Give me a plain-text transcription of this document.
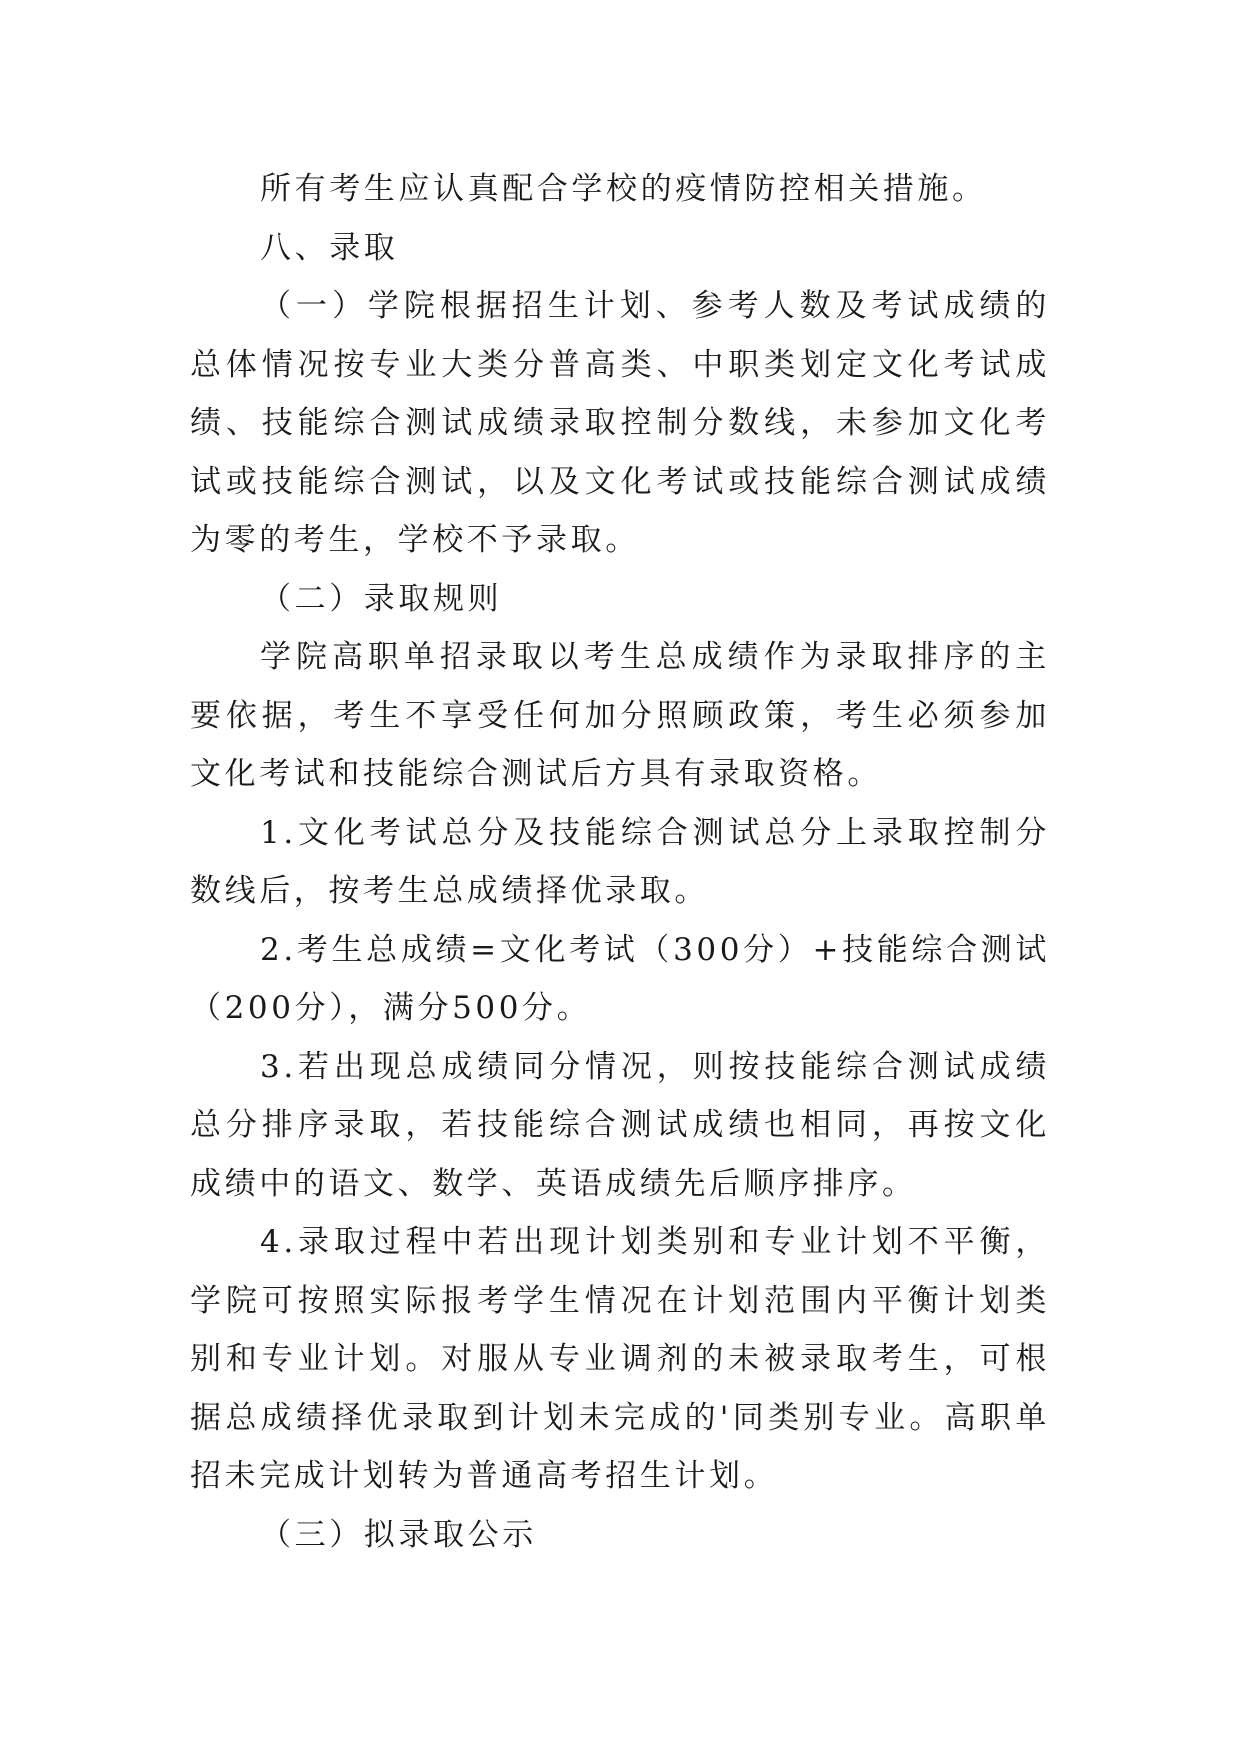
所有考生应认真配合学校的疫情防控相关措施。

八、录取

（一）学院根据招生计划、参考人数及考试成绩的总体情况按专业大类分普高类、中职类划定文化考试成绩、技能综合测试成绩录取控制分数线，未参加文化考试或技能综合测试，以及文化考试或技能综合测试成绩为零的考生，学校不予录取。

（二）录取规则

学院高职单招录取以考生总成绩作为录取排序的主要依据，考生不享受任何加分照顾政策，考生必须参加文化考试和技能综合测试后方具有录取资格。

1.文化考试总分及技能综合测试总分上录取控制分数线后，按考生总成绩择优录取。

2.考生总成绩=文化考试（300分）+技能综合测试（200分），满分500分。

3.若出现总成绩同分情况，则按技能综合测试成绩总分排序录取，若技能综合测试成绩也相同，再按文化成绩中的语文、数学、英语成绩先后顺序排序。

4.录取过程中若出现计划类别和专业计划不平衡，学院可按照实际报考学生情况在计划范围内平衡计划类别和专业计划。对服从专业调剂的未被录取考生，可根据总成绩择优录取到计划未完成的'同类别专业。高职单招未完成计划转为普通高考招生计划。

（三）拟录取公示
